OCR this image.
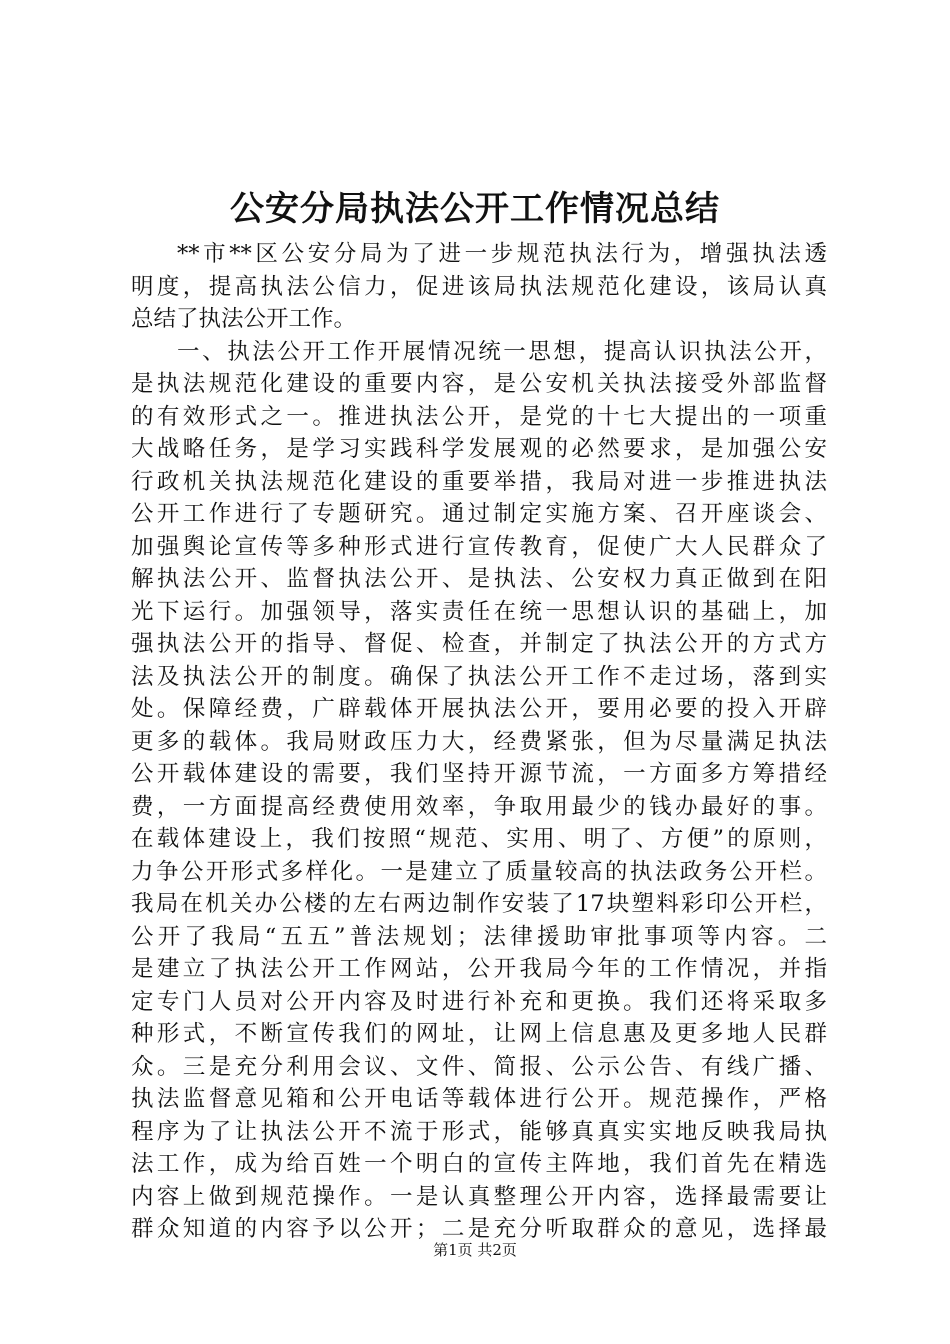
公安分局执法公开工作情况总结
**市**区公安分局为了进一步规范执法行为，增强执法透
明度，提高执法公信力，促进该局执法规范化建设，该局认真
总结了执法公开工作。
一、执法公开工作开展情况统一思想，提高认识执法公开，
是执法规范化建设的重要内容，是公安机关执法接受外部监督
的有效形式之一。推进执法公开，是党的十七大提出的一项重
大战略任务，是学习实践科学发展观的必然要求，是加强公安
行政机关执法规范化建设的重要举措，我局对进一步推进执法
公开工作进行了专题研究。通过制定实施方案、召开座谈会、
加强舆论宣传等多种形式进行宣传教育，促使广大人民群众了
解执法公开、监督执法公开、是执法、公安权力真正做到在阳
光下运行。加强领导，落实责任在统一思想认识的基础上，加
强执法公开的指导、督促、检查，并制定了执法公开的方式方
法及执法公开的制度。确保了执法公开工作不走过场，落到实
处。保障经费，广辟载体开展执法公开，要用必要的投入开辟
更多的载体。我局财政压力大，经费紧张，但为尽量满足执法
公开载体建设的需要，我们坚持开源节流，一方面多方筹措经
费，一方面提高经费使用效率，争取用最少的钱办最好的事。
在载体建设上，我们按照“规范、实用、明了、方便”的原则，
力争公开形式多样化。一是建立了质量较高的执法政务公开栏。
我局在机关办公楼的左右两边制作安装了17块塑料彩印公开栏，
公开了我局“五五”普法规划；法律援助审批事项等内容。二
是建立了执法公开工作网站，公开我局今年的工作情况，并指
定专门人员对公开内容及时进行补充和更换。我们还将采取多
种形式，不断宣传我们的网址，让网上信息惠及更多地人民群
众。三是充分利用会议、文件、简报、公示公告、有线广播、
执法监督意见箱和公开电话等载体进行公开。规范操作，严格
程序为了让执法公开不流于形式，能够真真实实地反映我局执
法工作，成为给百姓一个明白的宣传主阵地，我们首先在精选
内容上做到规范操作。一是认真整理公开内容，选择最需要让
群众知道的内容予以公开；二是充分听取群众的意见，选择最
第1页 共2页
